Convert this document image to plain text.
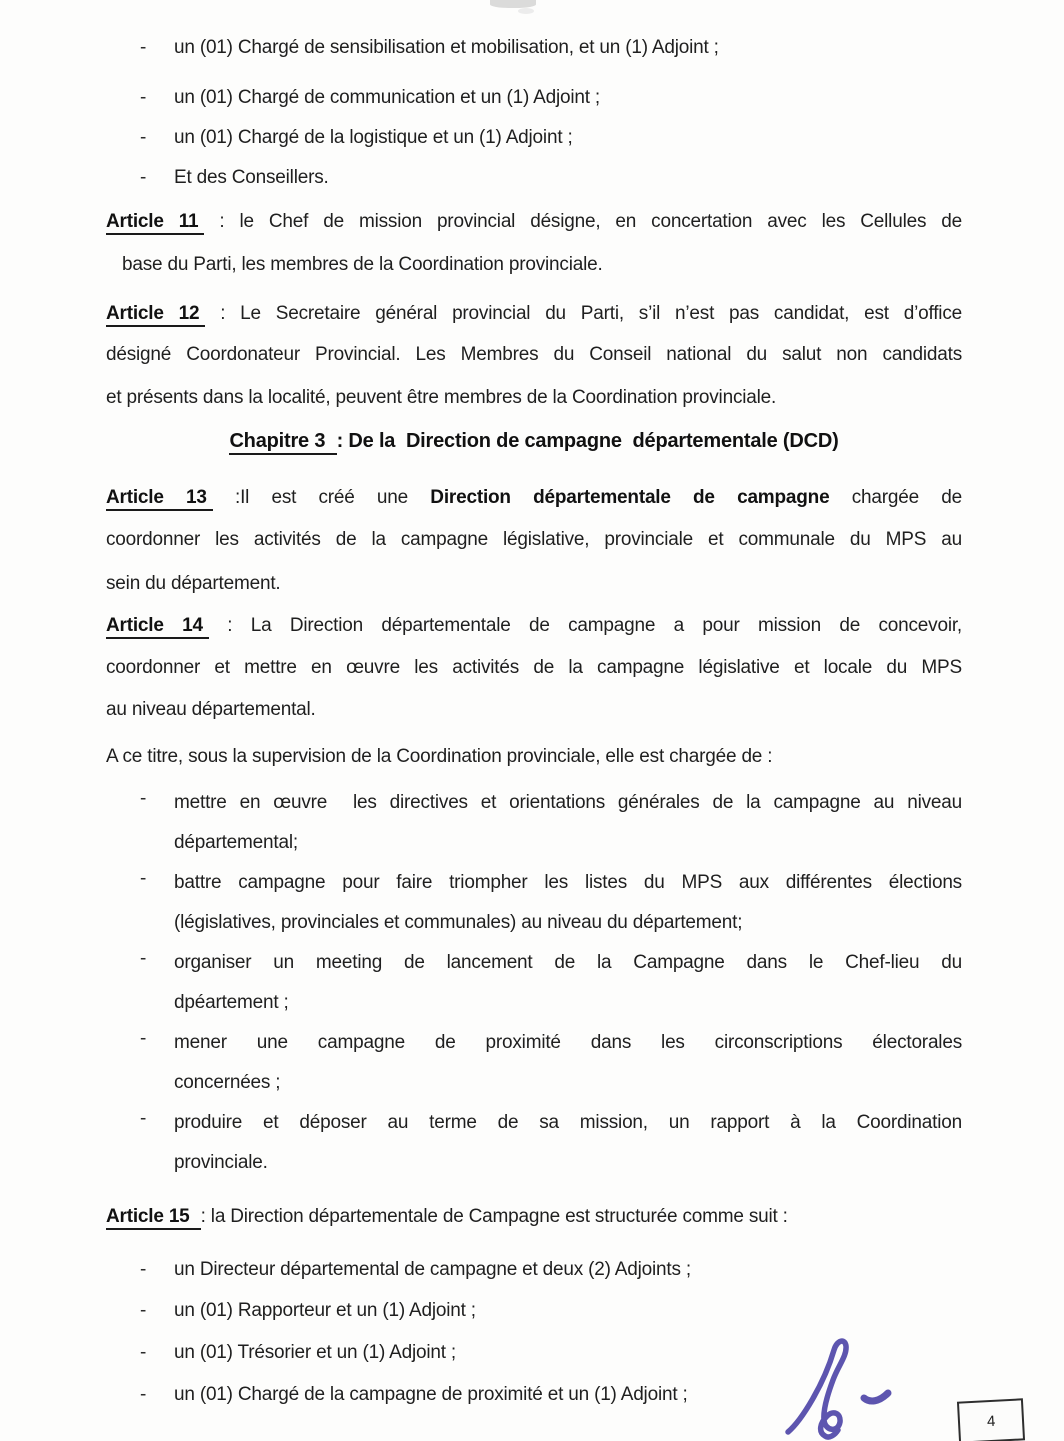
- un (01) Chargé de sensibilisation et mobilisation, et un (1) Adjoint ;
- un (01) Chargé de communication et un (1) Adjoint ;
- un (01) Chargé de la logistique et un (1) Adjoint ;
- Et des Conseillers.
Article 11 : le Chef de mission provincial désigne, en concertation avec les Cellules de
base du Parti, les membres de la Coordination provinciale.
Article 12 : Le Secretaire général provincial du Parti, s’il n’est pas candidat, est d’office
désigné Coordonateur Provincial. Les Membres du Conseil national du salut non candidats
et présents dans la localité, peuvent être membres de la Coordination provinciale.
Chapitre 3 : De la  Direction de campagne  départementale (DCD)
Article 13 :Il est créé une Direction départementale de campagne chargée de
coordonner les activités de la campagne législative, provinciale et communale du MPS au
sein du département.
Article 14 : La Direction départementale de campagne a pour mission de concevoir,
coordonner et mettre en œuvre les activités de la campagne législative et locale du MPS
au niveau départemental.
A ce titre, sous la supervision de la Coordination provinciale, elle est chargée de :
- mettre en œuvre  les directives et orientations générales de la campagne au niveau
départemental;
- battre campagne pour faire triompher les listes du MPS aux différentes élections
(législatives, provinciales et communales) au niveau du département;
- organiser un meeting de lancement de la Campagne dans le Chef-lieu du
dpéartement ;
- mener une campagne de proximité dans les circonscriptions électorales
concernées ;
- produire et déposer au terme de sa mission, un rapport à la Coordination
provinciale.
Article 15 : la Direction départementale de Campagne est structurée comme suit :
- un Directeur départemental de campagne et deux (2) Adjoints ;
- un (01) Rapporteur et un (1) Adjoint ;
- un (01) Trésorier et un (1) Adjoint ;
- un (01) Chargé de la campagne de proximité et un (1) Adjoint ;
4
